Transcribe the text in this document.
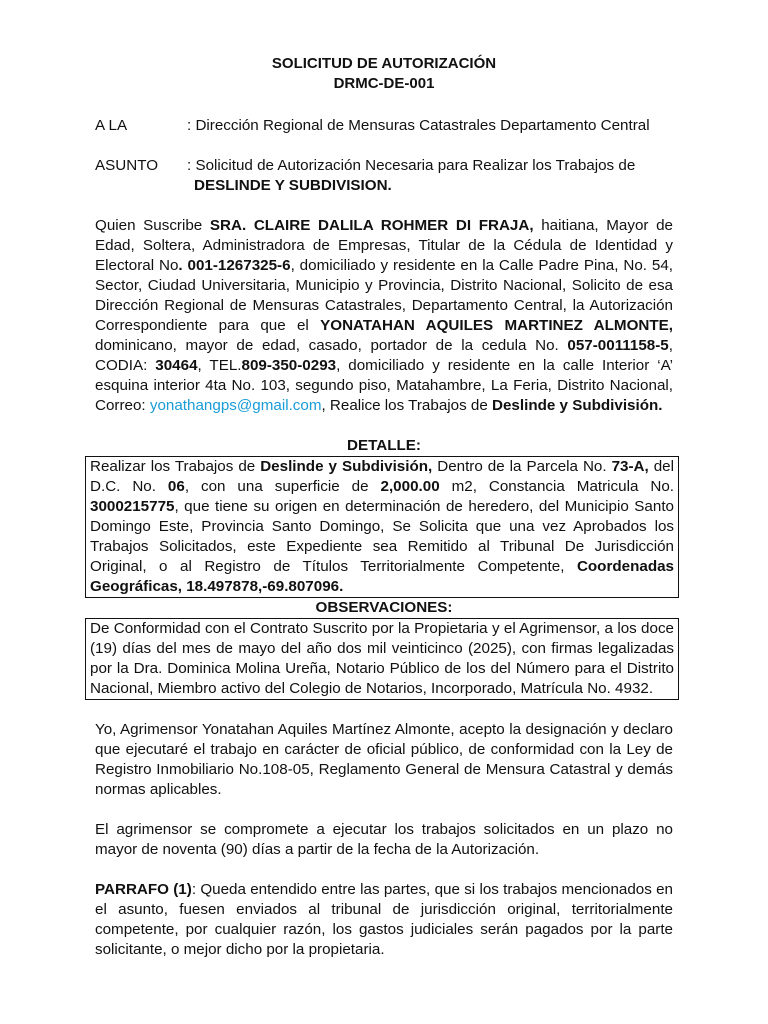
SOLICITUD DE AUTORIZACIÓN
DRMC-DE-001
A LA	: Dirección Regional de Mensuras Catastrales Departamento Central
ASUNTO	: Solicitud de Autorización Necesaria para Realizar los Trabajos de
DESLINDE Y SUBDIVISION.

Quien Suscribe SRA. CLAIRE DALILA ROHMER DI FRAJA, haitiana, Mayor de Edad, Soltera, Administradora de Empresas, Titular de la Cédula de Identidad y Electoral No. 001-1267325-6, domiciliado y residente en la Calle Padre Pina, No. 54, Sector, Ciudad Universitaria, Municipio y Provincia, Distrito Nacional, Solicito de esa Dirección Regional de Mensuras Catastrales, Departamento Central, la Autorización Correspondiente para que el YONATAHAN AQUILES MARTINEZ ALMONTE, dominicano, mayor de edad, casado, portador de la cedula No. 057-0011158-5, CODIA: 30464, TEL.809-350-0293, domiciliado y residente en la calle Interior ‘A’ esquina interior 4ta No. 103, segundo piso, Matahambre, La Feria, Distrito Nacional, Correo: yonathangps@gmail.com, Realice los Trabajos de Deslinde y Subdivisión.

DETALLE:
Realizar los Trabajos de Deslinde y Subdivisión, Dentro de la Parcela No. 73-A, del D.C. No. 06, con una superficie de 2,000.00 m2, Constancia Matricula No. 3000215775, que tiene su origen en determinación de heredero, del Municipio Santo Domingo Este, Provincia Santo Domingo, Se Solicita que una vez Aprobados los Trabajos Solicitados, este Expediente sea Remitido al Tribunal De Jurisdicción Original, o al Registro de Títulos Territorialmente Competente, Coordenadas Geográficas, 18.497878,-69.807096.
OBSERVACIONES:
De Conformidad con el Contrato Suscrito por la Propietaria y el Agrimensor, a los doce (19) días del mes de mayo del año dos mil veinticinco (2025), con firmas legalizadas por la Dra. Dominica Molina Ureña, Notario Público de los del Número para el Distrito Nacional, Miembro activo del Colegio de Notarios, Incorporado, Matrícula No. 4932.

Yo, Agrimensor Yonatahan Aquiles Martínez Almonte, acepto la designación y declaro que ejecutaré el trabajo en carácter de oficial público, de conformidad con la Ley de Registro Inmobiliario No.108-05, Reglamento General de Mensura Catastral y demás normas aplicables.

El agrimensor se compromete a ejecutar los trabajos solicitados en un plazo no mayor de noventa (90) días a partir de la fecha de la Autorización.

PARRAFO (1): Queda entendido entre las partes, que si los trabajos mencionados en el asunto, fuesen enviados al tribunal de jurisdicción original, territorialmente competente, por cualquier razón, los gastos judiciales serán pagados por la parte solicitante, o mejor dicho por la propietaria.
